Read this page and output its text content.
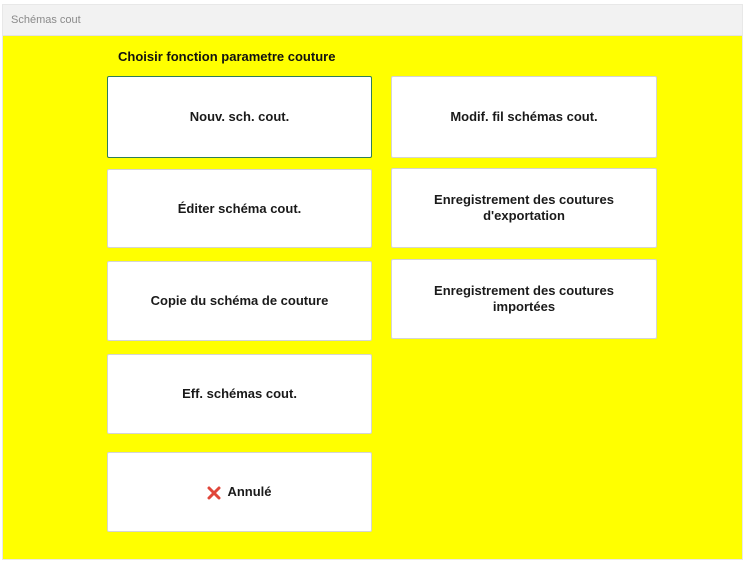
Schémas cout
Choisir fonction parametre couture
Nouv. sch. cout.
Éditer schéma cout.
Copie du schéma de couture
Eff. schémas cout.
Annulé
Modif. fil schémas cout.
Enregistrement des coutures
d'exportation
Enregistrement des coutures
importées
